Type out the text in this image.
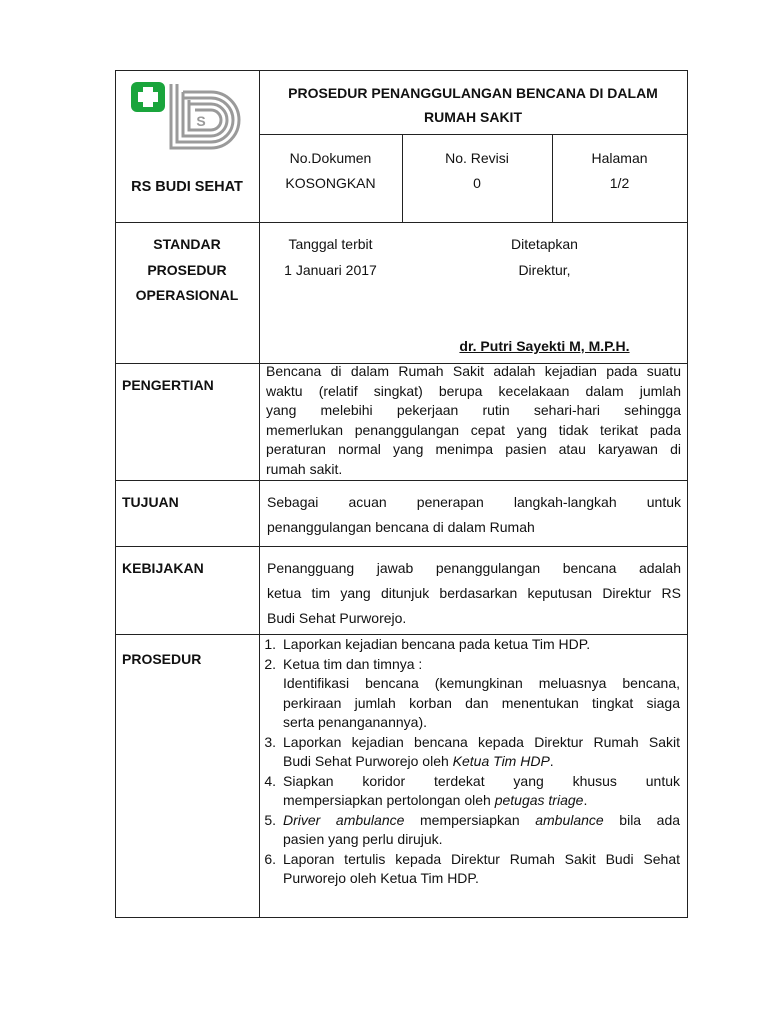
S
RS BUDI SEHAT
PROSEDUR PENANGGULANGAN BENCANA DI DALAM
RUMAH SAKIT
No.Dokumen
KOSONGKAN
No. Revisi
0
Halaman
1/2
STANDAR
PROSEDUR
OPERASIONAL
Tanggal terbit
1 Januari 2017
Ditetapkan
Direktur,
dr. Putri Sayekti M, M.P.H.
PENGERTIAN
Bencana di dalam Rumah Sakit adalah kejadian pada suatu
waktu (relatif singkat) berupa kecelakaan dalam jumlah
yang melebihi pekerjaan rutin sehari-hari sehingga
memerlukan penanggulangan cepat yang tidak terikat pada
peraturan normal yang menimpa pasien atau karyawan di
rumah sakit.
TUJUAN	Sebagai acuan penerapan langkah-langkah untuk
penanggulangan bencana di dalam Rumah
KEBIJAKAN	Penangguang jawab penanggulangan bencana adalah
ketua tim yang ditunjuk berdasarkan keputusan Direktur RS
Budi Sehat Purworejo.
PROSEDUR
1. Laporkan kejadian bencana pada ketua Tim HDP.
2. Ketua tim dan timnya :
Identifikasi bencana (kemungkinan meluasnya bencana,
perkiraan jumlah korban dan menentukan tingkat siaga
serta penanganannya).
3. Laporkan kejadian bencana kepada Direktur Rumah Sakit
Budi Sehat Purworejo oleh Ketua Tim HDP.
4. Siapkan koridor terdekat yang khusus untuk
mempersiapkan pertolongan oleh petugas triage.
5. Driver ambulance mempersiapkan ambulance bila ada
pasien yang perlu dirujuk.
6. Laporan tertulis kepada Direktur Rumah Sakit Budi Sehat
Purworejo oleh Ketua Tim HDP.
